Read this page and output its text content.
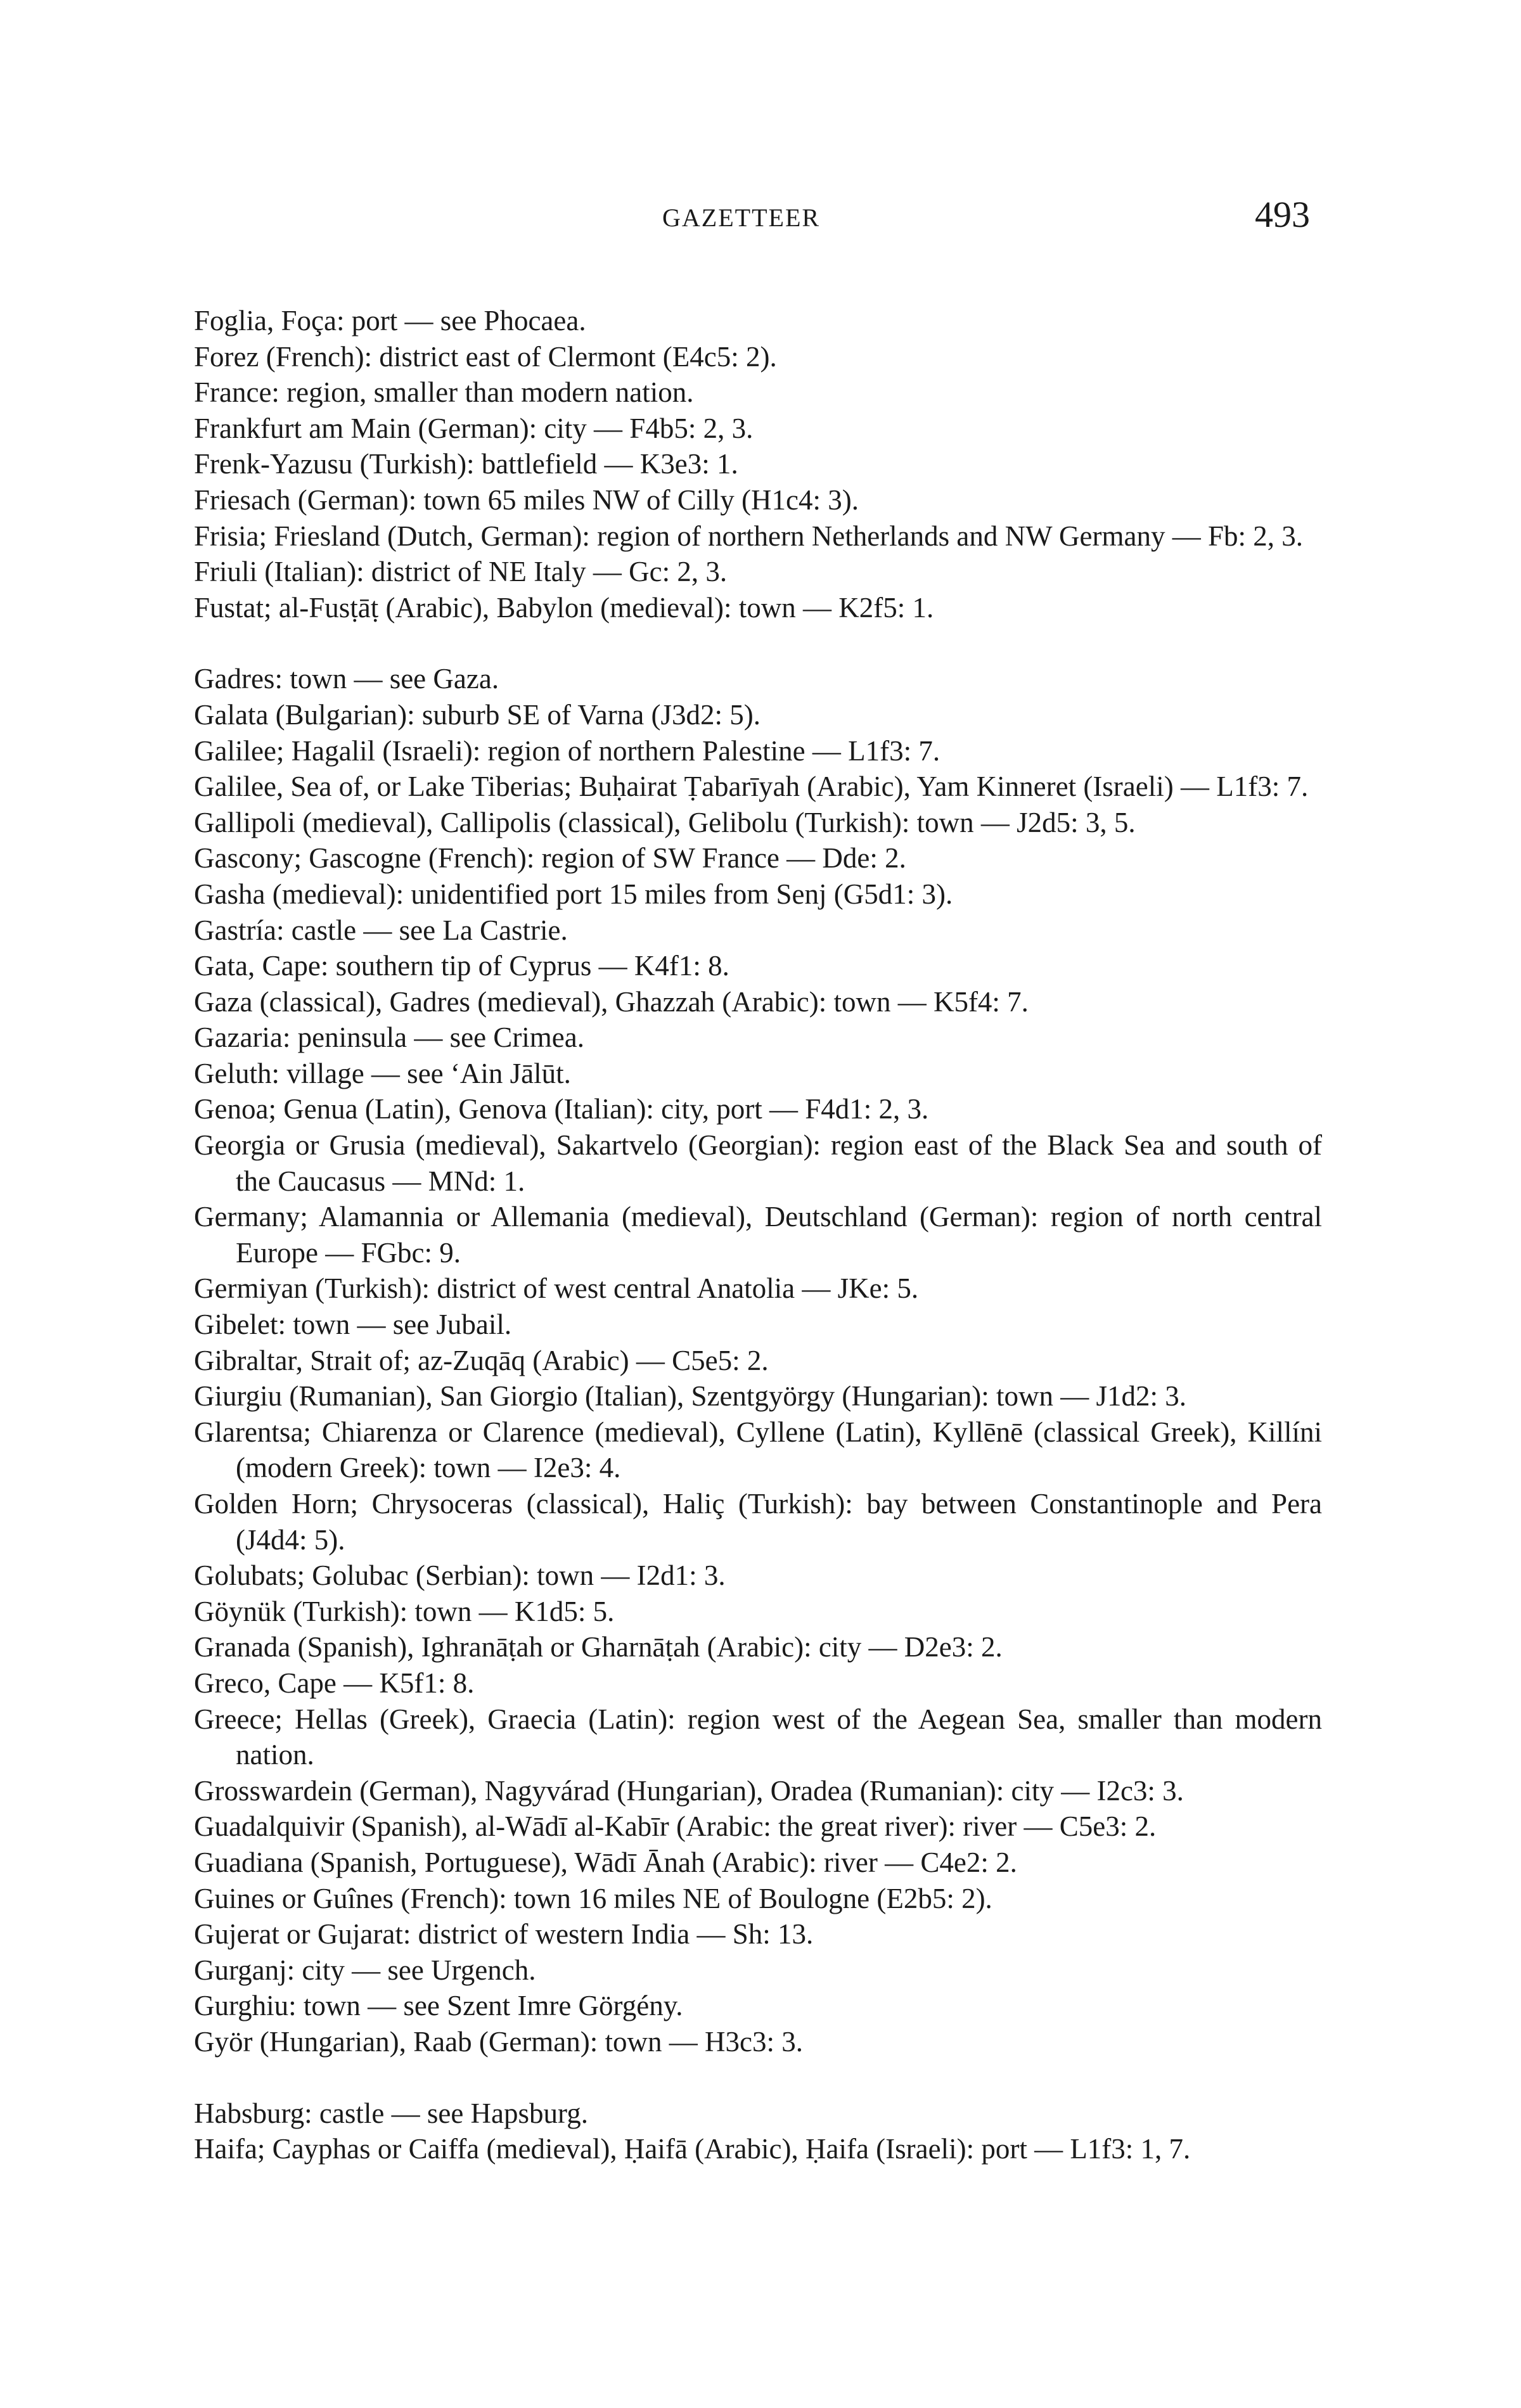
GAZETTEER	493

Foglia, Foça: port — see Phocaea.

Forez (French): district east of Clermont (E4c5: 2).

France: region, smaller than modern nation.

Frankfurt am Main (German): city — F4b5: 2, 3.

Frenk-Yazusu (Turkish): battlefield — K3e3: 1.

Friesach (German): town 65 miles NW of Cilly (H1c4: 3).

Frisia; Friesland (Dutch, German): region of northern Netherlands and NW Germany — Fb: 2, 3.

Friuli (Italian): district of NE Italy — Gc: 2, 3.

Fustat; al-Fusṭāṭ (Arabic), Babylon (medieval): town — K2f5: 1.

Gadres: town — see Gaza.

Galata (Bulgarian): suburb SE of Varna (J3d2: 5).

Galilee; Hagalil (Israeli): region of northern Palestine — L1f3: 7.

Galilee, Sea of, or Lake Tiberias; Buḥairat Ṭabarīyah (Arabic), Yam Kinneret (Israeli) — L1f3: 7.

Gallipoli (medieval), Callipolis (classical), Gelibolu (Turkish): town — J2d5: 3, 5.

Gascony; Gascogne (French): region of SW France — Dde: 2.

Gasha (medieval): unidentified port 15 miles from Senj (G5d1: 3).

Gastría: castle — see La Castrie.

Gata, Cape: southern tip of Cyprus — K4f1: 8.

Gaza (classical), Gadres (medieval), Ghazzah (Arabic): town — K5f4: 7.

Gazaria: peninsula — see Crimea.

Geluth: village — see ‘Ain Jālūt.

Genoa; Genua (Latin), Genova (Italian): city, port — F4d1: 2, 3.

Georgia or Grusia (medieval), Sakartvelo (Georgian): region east of the Black Sea and south of the Caucasus — MNd: 1.

Germany; Alamannia or Allemania (medieval), Deutschland (German): region of north central Europe — FGbc: 9.

Germiyan (Turkish): district of west central Anatolia — JKe: 5.

Gibelet: town — see Jubail.

Gibraltar, Strait of; az-Zuqāq (Arabic) — C5e5: 2.

Giurgiu (Rumanian), San Giorgio (Italian), Szentgyörgy (Hungarian): town — J1d2: 3.

Glarentsa; Chiarenza or Clarence (medieval), Cyllene (Latin), Kyllēnē (classical Greek), Killíni (modern Greek): town — I2e3: 4.

Golden Horn; Chrysoceras (classical), Haliç (Turkish): bay between Constantinople and Pera (J4d4: 5).

Golubats; Golubac (Serbian): town — I2d1: 3.

Göynük (Turkish): town — K1d5: 5.

Granada (Spanish), Ighranāṭah or Gharnāṭah (Arabic): city — D2e3: 2.

Greco, Cape — K5f1: 8.

Greece; Hellas (Greek), Graecia (Latin): region west of the Aegean Sea, smaller than modern nation.

Grosswardein (German), Nagyvárad (Hungarian), Oradea (Rumanian): city — I2c3: 3.

Guadalquivir (Spanish), al-Wādī al-Kabīr (Arabic: the great river): river — C5e3: 2.

Guadiana (Spanish, Portuguese), Wādī Ānah (Arabic): river — C4e2: 2.

Guines or Guînes (French): town 16 miles NE of Boulogne (E2b5: 2).

Gujerat or Gujarat: district of western India — Sh: 13.

Gurganj: city — see Urgench.

Gurghiu: town — see Szent Imre Görgény.

Györ (Hungarian), Raab (German): town — H3c3: 3.

Habsburg: castle — see Hapsburg.

Haifa; Cayphas or Caiffa (medieval), Ḥaifā (Arabic), Ḥaifa (Israeli): port — L1f3: 1, 7.
